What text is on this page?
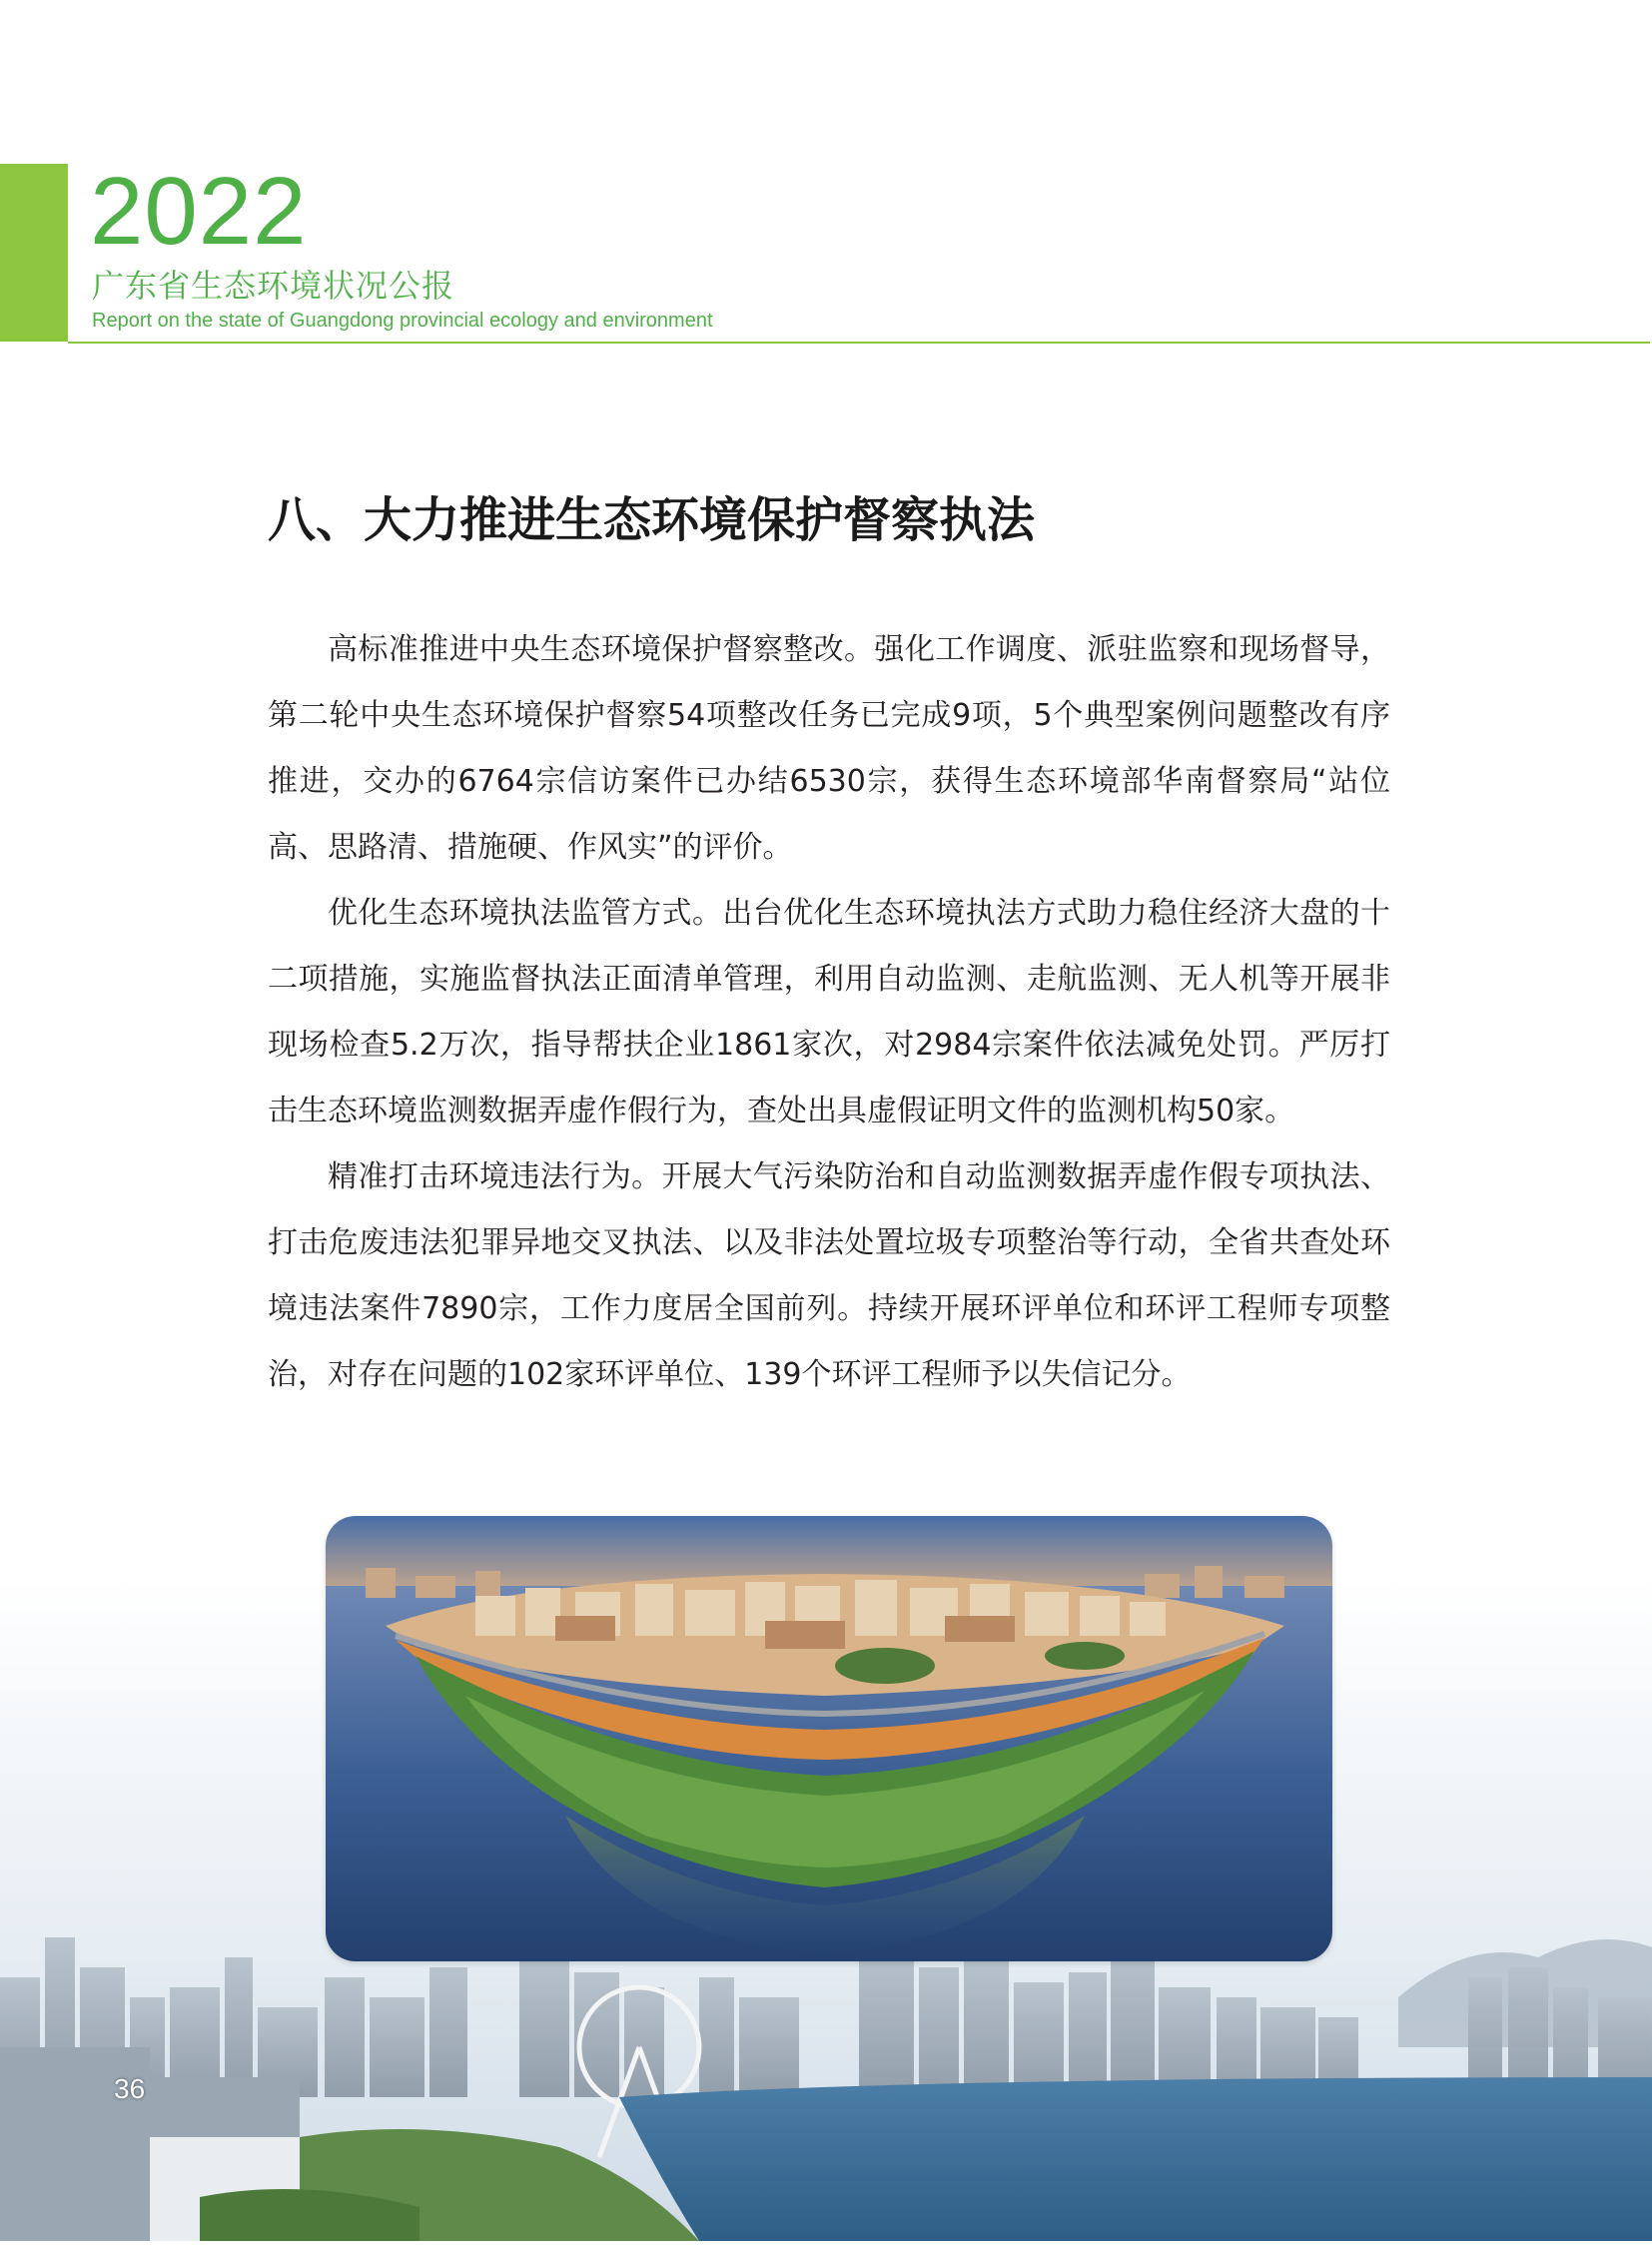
2022
广东省生态环境状况公报
Report on the state of Guangdong provincial ecology and environment
八、大力推进生态环境保护督察执法

高标准推进中央生态环境保护督察整改。强化工作调度、派驻监察和现场督导，第二轮中央生态环境保护督察54项整改任务已完成9项，5个典型案例问题整改有序推进，交办的6764宗信访案件已办结6530宗，获得生态环境部华南督察局“站位高、思路清、措施硬、作风实”的评价。

优化生态环境执法监管方式。出台优化生态环境执法方式助力稳住经济大盘的十二项措施，实施监督执法正面清单管理，利用自动监测、走航监测、无人机等开展非现场检查5.2万次，指导帮扶企业1861家次，对2984宗案件依法减免处罚。严厉打击生态环境监测数据弄虚作假行为，查处出具虚假证明文件的监测机构50家。

精准打击环境违法行为。开展大气污染防治和自动监测数据弄虚作假专项执法、打击危废违法犯罪异地交叉执法、以及非法处置垃圾专项整治等行动，全省共查处环境违法案件7890宗，工作力度居全国前列。持续开展环评单位和环评工程师专项整治，对存在问题的102家环评单位、139个环评工程师予以失信记分。

36
